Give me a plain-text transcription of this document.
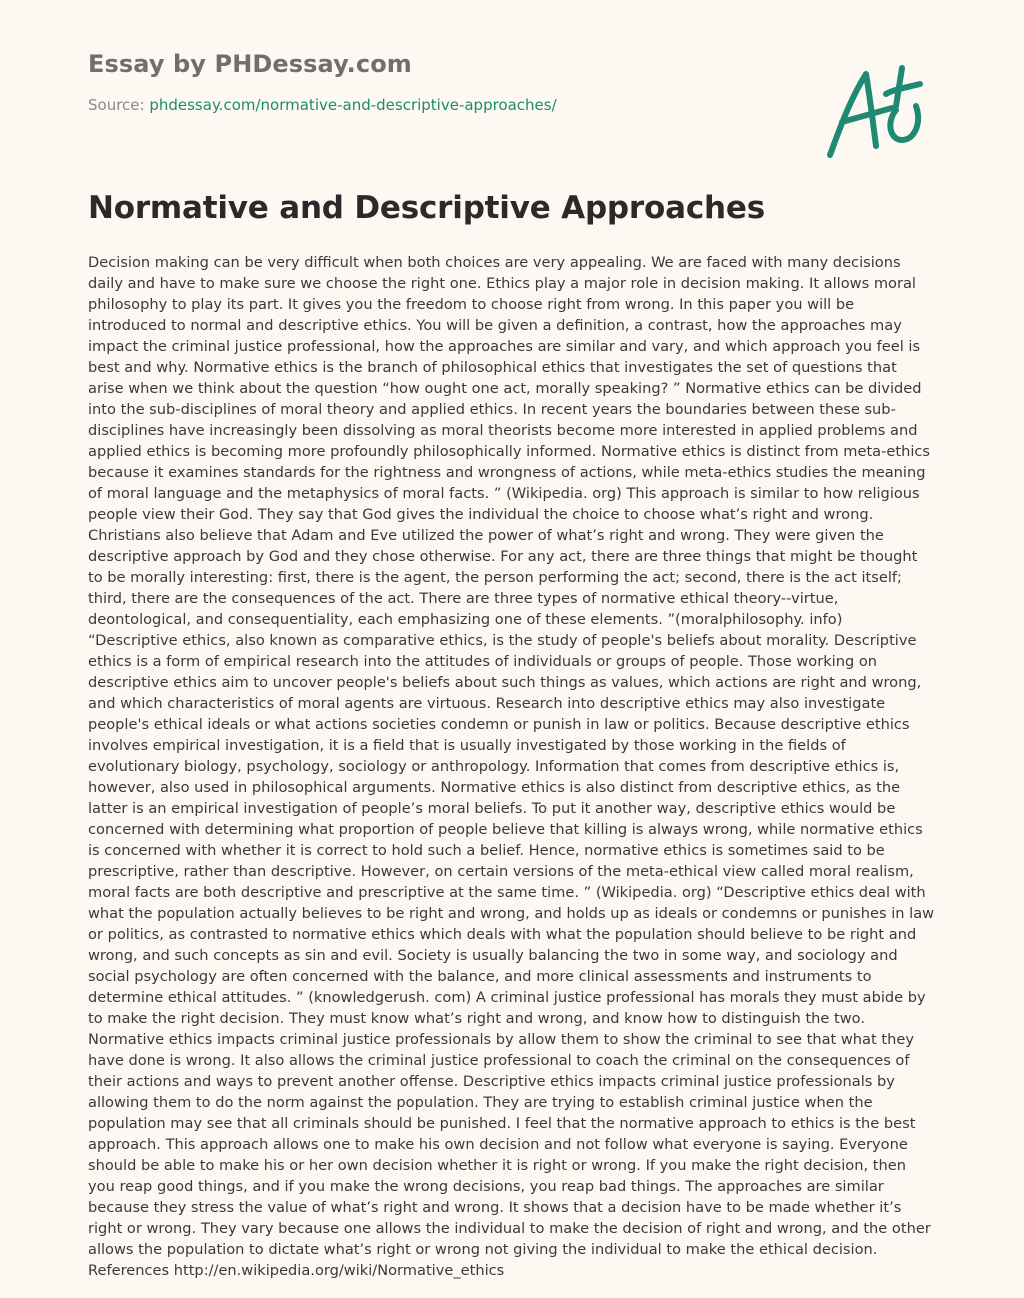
Essay by PHDessay.com
Source: phdessay.com/normative-and-descriptive-approaches/
Normative and Descriptive Approaches

Decision making can be very difficult when both choices are very appealing. We are faced with many decisions daily and have to make sure we choose the right one. Ethics play a major role in decision making. It allows moral philosophy to play its part. It gives you the freedom to choose right from wrong. In this paper you will be introduced to normal and descriptive ethics. You will be given a definition, a contrast, how the approaches may impact the criminal justice professional, how the approaches are similar and vary, and which approach you feel is best and why. Normative ethics is the branch of philosophical ethics that investigates the set of questions that arise when we think about the question “how ought one act, morally speaking? ” Normative ethics can be divided into the sub-disciplines of moral theory and applied ethics. In recent years the boundaries between these sub-disciplines have increasingly been dissolving as moral theorists become more interested in applied problems and applied ethics is becoming more profoundly philosophically informed. Normative ethics is distinct from meta-ethics because it examines standards for the rightness and wrongness of actions, while meta-ethics studies the meaning of moral language and the metaphysics of moral facts. ” (Wikipedia. org) This approach is similar to how religious people view their God. They say that God gives the individual the choice to choose what’s right and wrong. Christians also believe that Adam and Eve utilized the power of what’s right and wrong. They were given the descriptive approach by God and they chose otherwise. For any act, there are three things that might be thought to be morally interesting: first, there is the agent, the person performing the act; second, there is the act itself; third, there are the consequences of the act. There are three types of normative ethical theory--virtue, deontological, and consequentiality, each emphasizing one of these elements. ”(moralphilosophy. info) “Descriptive ethics, also known as comparative ethics, is the study of people's beliefs about morality. Descriptive ethics is a form of empirical research into the attitudes of individuals or groups of people. Those working on descriptive ethics aim to uncover people's beliefs about such things as values, which actions are right and wrong, and which characteristics of moral agents are virtuous. Research into descriptive ethics may also investigate people's ethical ideals or what actions societies condemn or punish in law or politics. Because descriptive ethics involves empirical investigation, it is a field that is usually investigated by those working in the fields of evolutionary biology, psychology, sociology or anthropology. Information that comes from descriptive ethics is, however, also used in philosophical arguments. Normative ethics is also distinct from descriptive ethics, as the latter is an empirical investigation of people’s moral beliefs. To put it another way, descriptive ethics would be concerned with determining what proportion of people believe that killing is always wrong, while normative ethics is concerned with whether it is correct to hold such a belief. Hence, normative ethics is sometimes said to be prescriptive, rather than descriptive. However, on certain versions of the meta-ethical view called moral realism, moral facts are both descriptive and prescriptive at the same time. ” (Wikipedia. org) “Descriptive ethics deal with what the population actually believes to be right and wrong, and holds up as ideals or condemns or punishes in law or politics, as contrasted to normative ethics which deals with what the population should believe to be right and wrong, and such concepts as sin and evil. Society is usually balancing the two in some way, and sociology and social psychology are often concerned with the balance, and more clinical assessments and instruments to determine ethical attitudes. ” (knowledgerush. com) A criminal justice professional has morals they must abide by to make the right decision. They must know what’s right and wrong, and know how to distinguish the two. Normative ethics impacts criminal justice professionals by allow them to show the criminal to see that what they have done is wrong. It also allows the criminal justice professional to coach the criminal on the consequences of their actions and ways to prevent another offense. Descriptive ethics impacts criminal justice professionals by allowing them to do the norm against the population. They are trying to establish criminal justice when the population may see that all criminals should be punished. I feel that the normative approach to ethics is the best approach. This approach allows one to make his own decision and not follow what everyone is saying. Everyone should be able to make his or her own decision whether it is right or wrong. If you make the right decision, then you reap good things, and if you make the wrong decisions, you reap bad things. The approaches are similar because they stress the value of what’s right and wrong. It shows that a decision have to be made whether it’s right or wrong. They vary because one allows the individual to make the decision of right and wrong, and the other allows the population to dictate what’s right or wrong not giving the individual to make the ethical decision. References http://en.wikipedia.org/wiki/Normative_ethics
